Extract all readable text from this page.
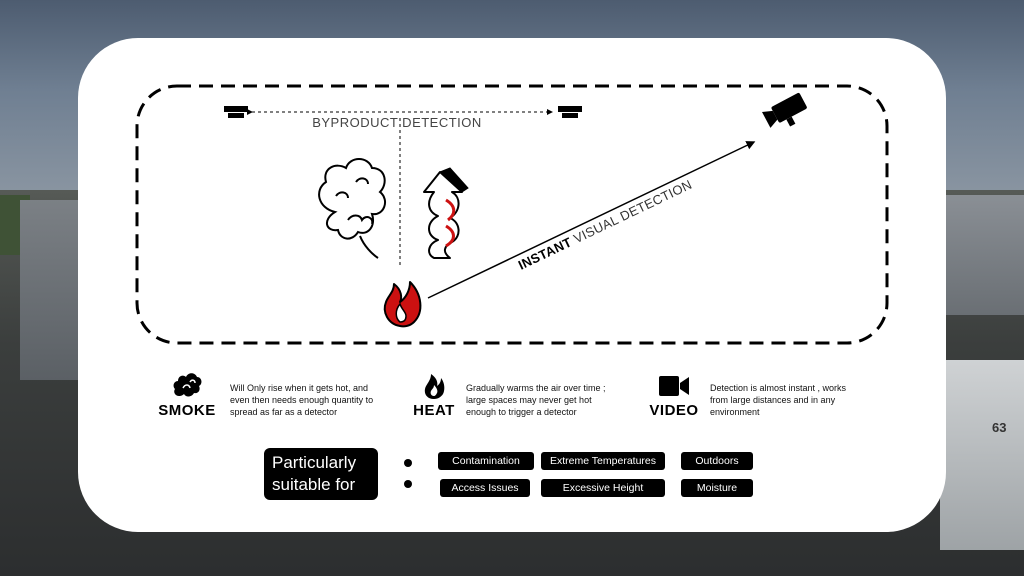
63
BYPRODUCT DETECTION
INSTANT VISUAL DETECTION
SMOKE
Will Only rise when it gets hot, and
even then needs enough quantity to
spread as far as a detector	HEAT
Gradually warms the air over time ;
large spaces may never get hot
enough to trigger a detector	VIDEO
Detection is almost instant , works
from large distances and in any
environment
Particularly
suitable for
Contamination	Extreme Temperatures	Outdoors
Access Issues	Excessive Height	Moisture
